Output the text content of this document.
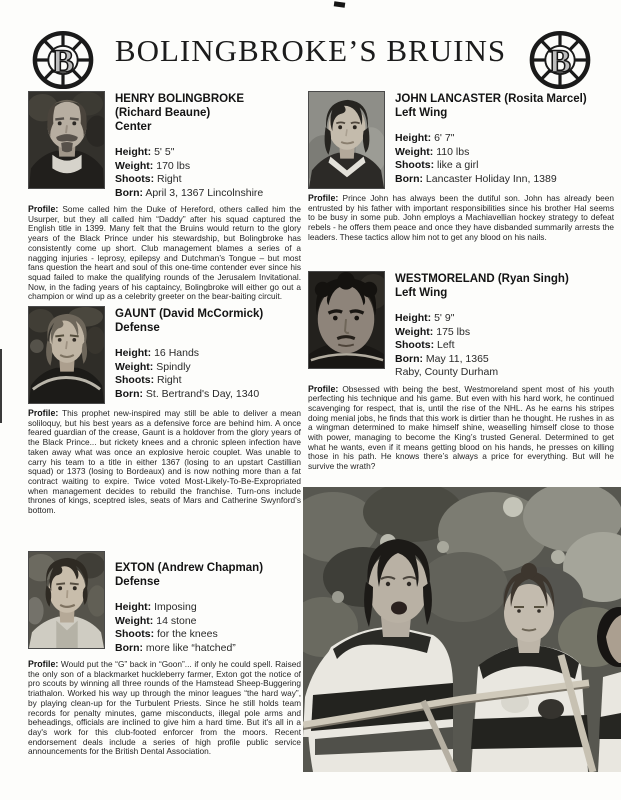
B	BOLINGBROKE’S BRUINS B
HENRY BOLINGBROKE
(Richard Beaune)
Center
Height: 5' 5"
Weight: 170 lbs
Shoots: Right
Born: April 3, 1367 Lincolnshire

Profile: Some called him the Duke of Hereford, others called him the Usurper, but they all called him “Daddy” after his squad captured the English title in 1399. Many felt that the Bruins would return to the glory years of the Black Prince under his stewardship, but Bolingbroke has consistently come up short. Club management blames a series of a nagging injuries - leprosy, epilepsy and Dutchman’s Tongue – but most fans question the heart and soul of this one-time contender ever since his squad failed to make the qualifying rounds of the Jerusalem Invitational. Now, in the fading years of his captaincy, Bolingbroke will either go out a champion or wind up as a celebrity greeter on the bear-baiting circuit.

GAUNT (David McCormick)
Defense
Height: 16 Hands
Weight: Spindly
Shoots: Right
Born: St. Bertrand's Day, 1340

Profile: This prophet new-inspired may still be able to deliver a mean soliloquy, but his best years as a defensive force are behind him. A once feared guardian of the crease, Gaunt is a holdover from the glory years of the Black Prince... but rickety knees and a chronic spleen infection have taken away what was once an explosive heroic couplet. Was unable to carry his team to a title in either 1367 (losing to an upstart Castillian squad) or 1373 (losing to Bordeaux) and is now nothing more than a fat contract waiting to expire. Twice voted Most-Likely-To-Be-Expropriated when management decides to rebuild the franchise. Turn-ons include thrones of kings, sceptred isles, seats of Mars and Catherine Swynford’s bottom.

EXTON (Andrew Chapman)
Defense
Height: Imposing
Weight: 14 stone
Shoots: for the knees
Born: more like “hatched”

Profile: Would put the “G” back in “Goon”... if only he could spell. Raised the only son of a blackmarket huckleberry farmer, Exton got the notice of pro scouts by winning all three rounds of the Hamstead Sheep-Buggering triathalon. Worked his way up through the minor leagues “the hard way”, by playing clean-up for the Turbulent Priests. Since he still holds team records for penalty minutes, game misconducts, illegal pole arms and beheadings, officials are inclined to give him a hard time. But it's all in a day's work for this club-footed enforcer from the moors. Recent endorsement deals include a series of high profile public service announcements for the British Dental Association.

JOHN LANCASTER (Rosita Marcel)
Left Wing
Height: 6' 7"
Weight: 110 lbs
Shoots: like a girl
Born: Lancaster Holiday Inn, 1389

Profile: Prince John has always been the dutiful son. John has already been entrusted by his father with important responsibilities since his brother Hal seems to be busy in some pub. John employs a Machiavellian hockey strategy to defeat rebels - he offers them peace and once they have disbanded summarily arrests the leaders. These tactics allow him not to get any blood on his nails.

WESTMORELAND (Ryan Singh)
Left Wing
Height: 5' 9"
Weight: 175 lbs
Shoots: Left
Born: May 11, 1365
Raby, County Durham

Profile: Obsessed with being the best, Westmoreland spent most of his youth perfecting his technique and his game. But even with his hard work, he continued scavenging for respect, that is, until the rise of the NHL. As he earns his stripes doing menial jobs, he finds that this work is dirtier than he thought. He rushes in as a wingman determined to make himself shine, weaselling himself close to those with power, managing to become the King’s trusted General. Determined to get what he wants, even if it means getting blood on his hands, he presses on killing those in his path. He knows there’s always a price for everything. But will he survive the wrath?
